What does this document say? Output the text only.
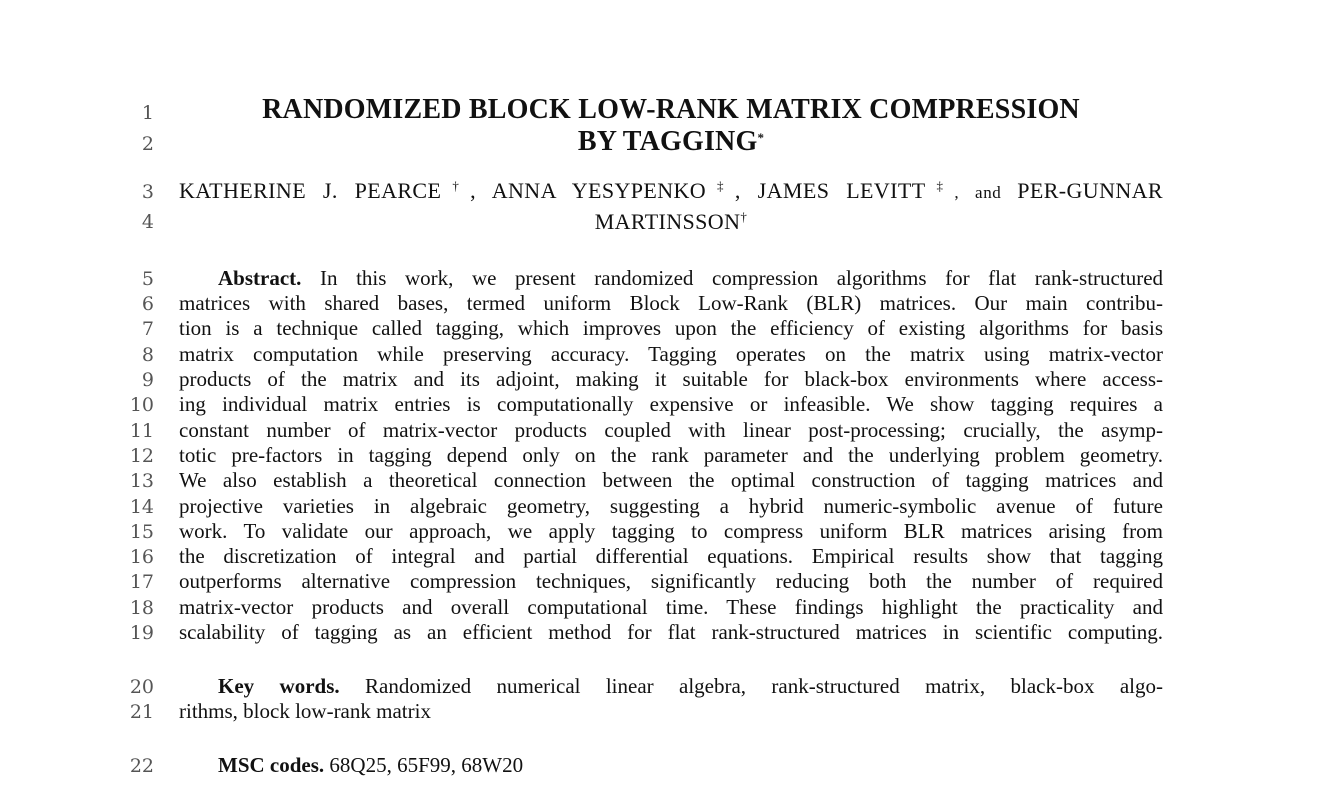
1
2
3
4
5
6
7
8
9
10
11
12
13
14
15
16
17
18
19
20
21
22
RANDOMIZED BLOCK LOW-RANK MATRIX COMPRESSION
BY TAGGING*
KATHERINE J. PEARCE†, ANNA YESYPENKO‡, JAMES LEVITT‡, and PER-GUNNAR
MARTINSSON†
Abstract. In this work, we present randomized compression algorithms for flat rank-structured
matrices with shared bases, termed uniform Block Low-Rank (BLR) matrices. Our main contribu-
tion is a technique called tagging, which improves upon the efficiency of existing algorithms for basis
matrix computation while preserving accuracy. Tagging operates on the matrix using matrix-vector
products of the matrix and its adjoint, making it suitable for black-box environments where access-
ing individual matrix entries is computationally expensive or infeasible. We show tagging requires a
constant number of matrix-vector products coupled with linear post-processing; crucially, the asymp-
totic pre-factors in tagging depend only on the rank parameter and the underlying problem geometry.
We also establish a theoretical connection between the optimal construction of tagging matrices and
projective varieties in algebraic geometry, suggesting a hybrid numeric-symbolic avenue of future
work. To validate our approach, we apply tagging to compress uniform BLR matrices arising from
the discretization of integral and partial differential equations. Empirical results show that tagging
outperforms alternative compression techniques, significantly reducing both the number of required
matrix-vector products and overall computational time. These findings highlight the practicality and
scalability of tagging as an efficient method for flat rank-structured matrices in scientific computing.
Key words. Randomized numerical linear algebra, rank-structured matrix, black-box algo-
rithms, block low-rank matrix
MSC codes. 68Q25, 65F99, 68W20
